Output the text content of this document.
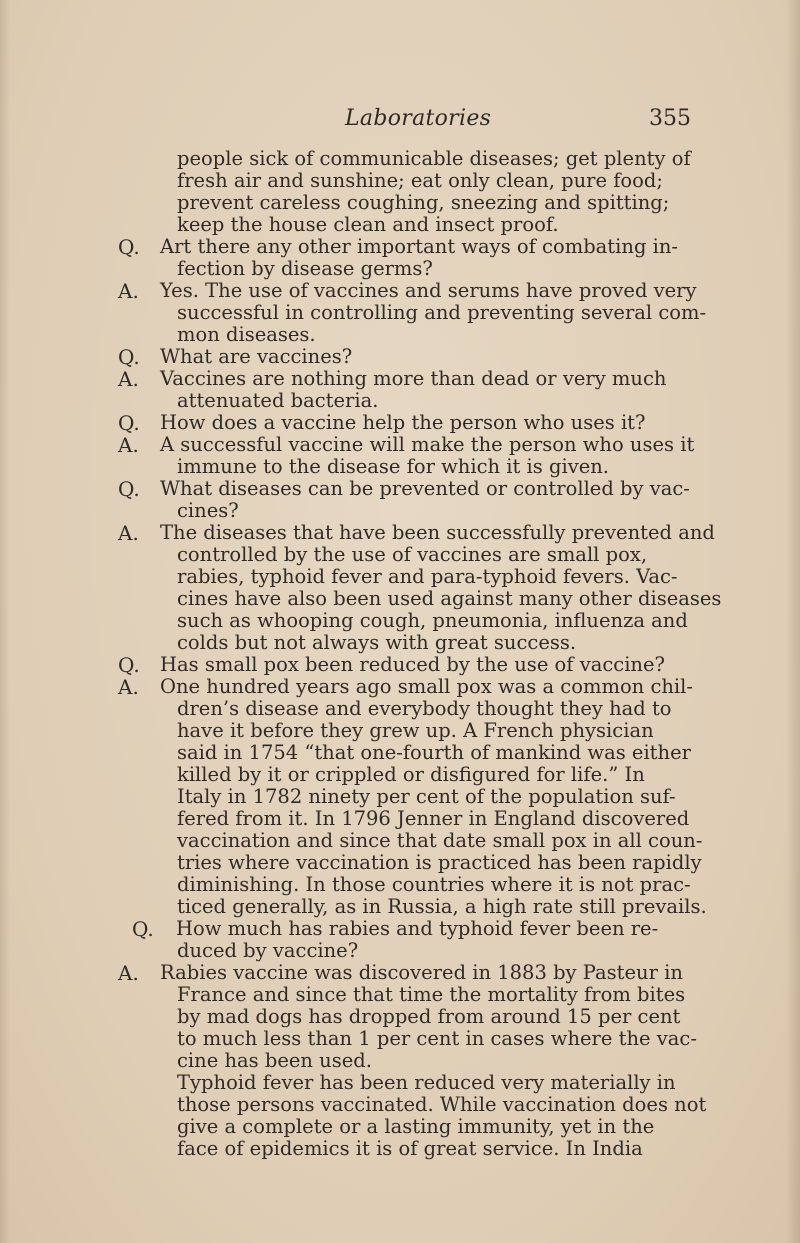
Laboratories	355
people sick of communicable diseases; get plenty of
fresh air and sunshine; eat only clean, pure food;
prevent careless coughing, sneezing and spitting;
keep the house clean and insect proof.
Q. Art there any other important ways of combating in-
fection by disease germs?
A. Yes. The use of vaccines and serums have proved very
successful in controlling and preventing several com-
mon diseases.
Q. What are vaccines?
A. Vaccines are nothing more than dead or very much
attenuated bacteria.
Q. How does a vaccine help the person who uses it?
A. A successful vaccine will make the person who uses it
immune to the disease for which it is given.
Q. What diseases can be prevented or controlled by vac-
cines?
A. The diseases that have been successfully prevented and
controlled by the use of vaccines are small pox,
rabies, typhoid fever and para-typhoid fevers. Vac-
cines have also been used against many other diseases
such as whooping cough, pneumonia, influenza and
colds but not always with great success.
Q. Has small pox been reduced by the use of vaccine?
A. One hundred years ago small pox was a common chil-
dren’s disease and everybody thought they had to
have it before they grew up. A French physician
said in 1754 “that one-fourth of mankind was either
killed by it or crippled or disfigured for life.” In
Italy in 1782 ninety per cent of the population suf-
fered from it. In 1796 Jenner in England discovered
vaccination and since that date small pox in all coun-
tries where vaccination is practiced has been rapidly
diminishing. In those countries where it is not prac-
ticed generally, as in Russia, a high rate still prevails.
Q. How much has rabies and typhoid fever been re-
duced by vaccine?
A. Rabies vaccine was discovered in 1883 by Pasteur in
France and since that time the mortality from bites
by mad dogs has dropped from around 15 per cent
to much less than 1 per cent in cases where the vac-
cine has been used.
Typhoid fever has been reduced very materially in
those persons vaccinated. While vaccination does not
give a complete or a lasting immunity, yet in the
face of epidemics it is of great service. In India
